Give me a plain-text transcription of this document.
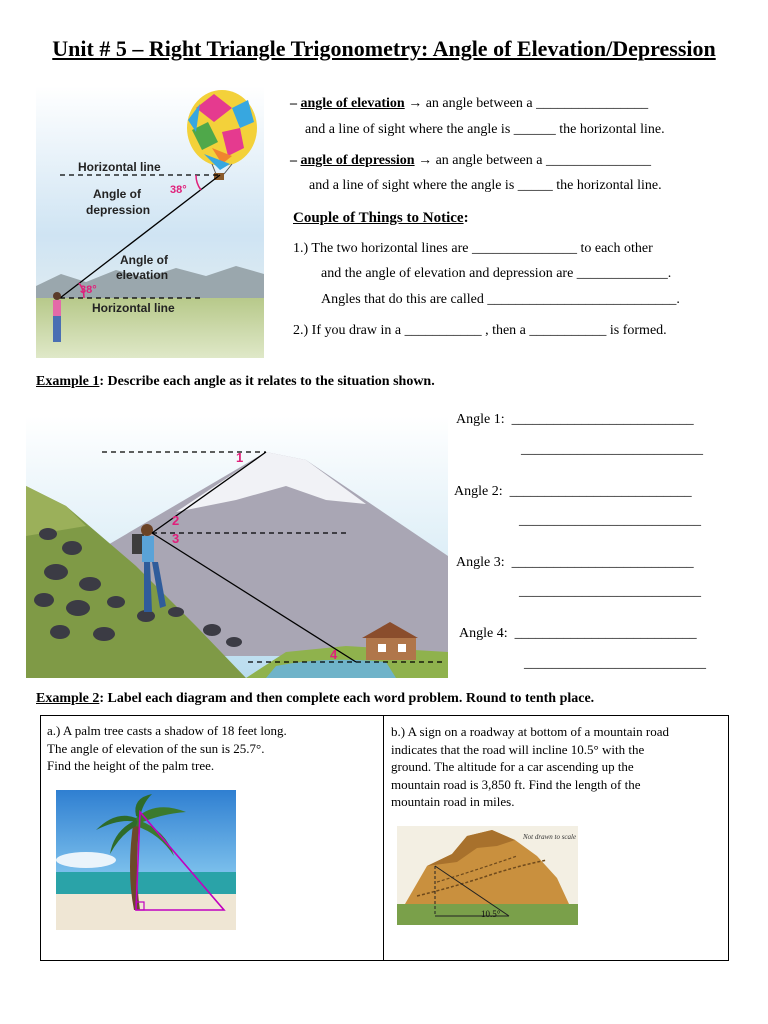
Unit # 5 – Right Triangle Trigonometry: Angle of Elevation/Depression
Horizontal line
Angle of
depression
38°
Angle of
elevation
38°
Horizontal line
– angle of elevation → an angle between a ________________
and a line of sight where the angle is ______ the horizontal line.
– angle of depression → an angle between a _______________
and a line of sight where the angle is _____ the horizontal line.
Couple of Things to Notice:
1.) The two horizontal lines are _______________ to each other
and the angle of elevation and depression are _____________.
Angles that do this are called ___________________________.
2.) If you draw in a ___________ , then a ___________ is formed.
Example 1: Describe each angle as it relates to the situation shown.
1
2
3
4
Angle 1: __________________________
__________________________
Angle 2: __________________________
__________________________
Angle 3: __________________________
__________________________
Angle 4: __________________________
__________________________
Example 2: Label each diagram and then complete each word problem. Round to tenth place.
a.) A palm tree casts a shadow of 18 feet long.
The angle of elevation of the sun is 25.7°.
Find the height of the palm tree.
b.) A sign on a roadway at bottom of a mountain road
indicates that the road will incline 10.5° with the
ground. The altitude for a car ascending up the
mountain road is 3,850 ft. Find the length of the
mountain road in miles.
Not drawn to scale
10.5°
